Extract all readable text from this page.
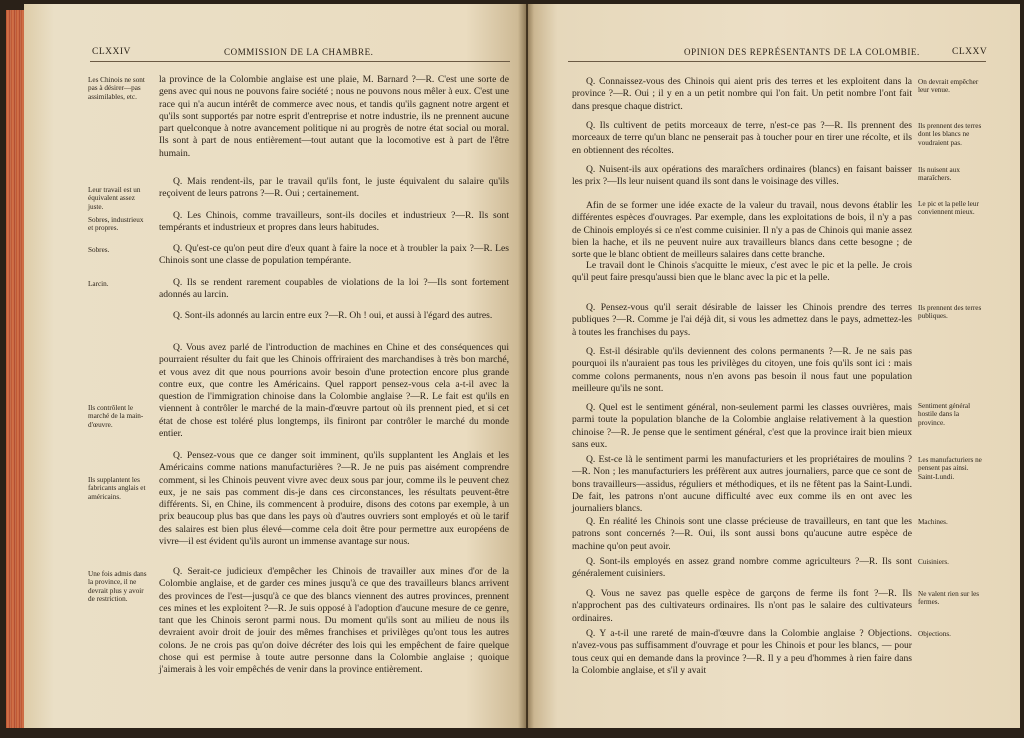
CLXXIV	COMMISSION DE LA CHAMBRE.
la province de la Colombie anglaise est une plaie, M. Barnard ?—R. C'est une sorte de gens avec qui nous ne pouvons faire société ; nous ne pouvons nous mêler à eux. C'est une race qui n'a aucun intérêt de commerce avec nous, et tandis qu'ils gagnent notre argent et qu'ils sont supportés par notre esprit d'entreprise et notre industrie, ils ne prennent aucune part quelconque à notre avancement politique ni au progrès de notre état social ou moral. Ils sont à part de nous entièrement—tout autant que la locomotive est à part de l'être humain.
Q. Mais rendent-ils, par le travail qu'ils font, le juste équivalent du salaire qu'ils reçoivent de leurs patrons ?—R. Oui ; certainement.
Q. Les Chinois, comme travailleurs, sont-ils dociles et industrieux ?—R. Ils sont tempérants et industrieux et propres dans leurs habitudes.
Q. Qu'est-ce qu'on peut dire d'eux quant à faire la noce et à troubler la paix ?—R. Les Chinois sont une classe de population tempérante.
Q. Ils se rendent rarement coupables de violations de la loi ?—Ils sont fortement adonnés au larcin.
Q. Sont-ils adonnés au larcin entre eux ?—R. Oh ! oui, et aussi à l'égard des autres.
Q. Vous avez parlé de l'introduction de machines en Chine et des conséquences qui pourraient résulter du fait que les Chinois offriraient des marchandises à très bon marché, et vous avez dit que nous pourrions avoir besoin d'une protection encore plus grande contre eux, que contre les Américains. Quel rapport pensez-vous cela a-t-il avec la question de l'immigration chinoise dans la Colombie anglaise ?—R. Le fait est qu'ils en viennent à contrôler le marché de la main-d'œuvre partout où ils prennent pied, et si cet état de chose est toléré plus longtemps, ils finiront par contrôler le marché du monde entier.
Q. Pensez-vous que ce danger soit imminent, qu'ils supplantent les Anglais et les Américains comme nations manufacturières ?—R. Je ne puis pas aisément comprendre comment, si les Chinois peuvent vivre avec deux sous par jour, comme ils le peuvent chez eux, je ne sais pas comment dis-je dans ces circonstances, les résultats peuvent-être différents. Si, en Chine, ils commencent à produire, disons des cotons par exemple, à un prix beaucoup plus bas que dans les pays où d'autres ouvriers sont employés et où le tarif des salaires est bien plus élevé—comme cela doit être pour permettre aux européens de vivre—il est évident qu'ils auront un immense avantage sur nous.
Q. Serait-ce judicieux d'empêcher les Chinois de travailler aux mines d'or de la Colombie anglaise, et de garder ces mines jusqu'à ce que des travailleurs blancs arrivent des provinces de l'est—jusqu'à ce que des blancs viennent des autres provinces, prennent ces mines et les exploitent ?—R. Je suis opposé à l'adoption d'aucune mesure de ce genre, tant que les Chinois seront parmi nous. Du moment qu'ils sont au milieu de nous ils devraient avoir droit de jouir des mêmes franchises et privilèges qu'ont tous les autres colons. Je ne crois pas qu'on doive décréter des lois qui les empêchent de faire quelque chose qui est permise à toute autre personne dans la Colombie anglaise ; quoique j'aimerais à les voir empêchés de venir dans la province entièrement.
Les Chinois ne sont pas à désirer—pas assimilables, etc.
Leur travail est un équivalent assez juste.
Sobres, industrieux et propres.
Sobres.
Larcin.
Ils contrôlent le marché de la main-d'œuvre.
Ils supplantent les fabricants anglais et américains.
Une fois admis dans la province, il ne devrait plus y avoir de restriction.
OPINION DES REPRÉSENTANTS DE LA COLOMBIE.	CLXXV
Q. Connaissez-vous des Chinois qui aient pris des terres et les exploitent dans la province ?—R. Oui ; il y en a un petit nombre qui l'on fait. Un petit nombre l'ont fait dans presque chaque district.
Q. Ils cultivent de petits morceaux de terre, n'est-ce pas ?—R. Ils prennent des morceaux de terre qu'un blanc ne penserait pas à toucher pour en tirer une récolte, et ils en obtiennent des récoltes.
Q. Nuisent-ils aux opérations des maraîchers ordinaires (blancs) en faisant baisser les prix ?—Ils leur nuisent quand ils sont dans le voisinage des villes.
Afin de se former une idée exacte de la valeur du travail, nous devons établir les différentes espèces d'ouvrages. Par exemple, dans les exploitations de bois, il n'y a pas de Chinois employés si ce n'est comme cuisinier. Il n'y a pas de Chinois qui manie assez bien la hache, et ils ne peuvent nuire aux travailleurs blancs dans cette besogne ; de sorte que le blanc obtient de meilleurs salaires dans cette branche.
Le travail dont le Chinois s'acquitte le mieux, c'est avec le pic et la pelle. Je crois qu'il peut faire presqu'aussi bien que le blanc avec la pic et la pelle.
Q. Pensez-vous qu'il serait désirable de laisser les Chinois prendre des terres publiques ?—R. Comme je l'ai déjà dit, si vous les admettez dans le pays, admettez-les à toutes les franchises du pays.
Q. Est-il désirable qu'ils deviennent des colons permanents ?—R. Je ne sais pas pourquoi ils n'auraient pas tous les privilèges du citoyen, une fois qu'ils sont ici : mais comme colons permanents, nous n'en avons pas besoin il nous faut une population meilleure qu'ils ne sont.
Q. Quel est le sentiment général, non-seulement parmi les classes ouvrières, mais parmi toute la population blanche de la Colombie anglaise relativement à la question chinoise ?—R. Je pense que le sentiment général, c'est que la province irait bien mieux sans eux.
Q. Est-ce là le sentiment parmi les manufacturiers et les propriétaires de moulins ?—R. Non ; les manufacturiers les préfèrent aux autres journaliers, parce que ce sont de bons travailleurs—assidus, réguliers et méthodiques, et ils ne fêtent pas la Saint-Lundi. De fait, les patrons n'ont aucune difficulté avec eux comme ils en ont avec les journaliers blancs.
Q. En réalité les Chinois sont une classe précieuse de travailleurs, en tant que les patrons sont concernés ?—R. Oui, ils sont aussi bons qu'aucune autre espèce de machine qu'on peut avoir.
Q. Sont-ils employés en assez grand nombre comme agriculteurs ?—R. Ils sont généralement cuisiniers.
Q. Vous ne savez pas quelle espèce de garçons de ferme ils font ?—R. Ils n'approchent pas des cultivateurs ordinaires. Ils n'ont pas le salaire des cultivateurs ordinaires.
Q. Y a-t-il une rareté de main-d'œuvre dans la Colombie anglaise ? Objections. n'avez-vous pas suffisamment d'ouvrage et pour les Chinois et pour les blancs, — pour tous ceux qui en demande dans la province ?—R. Il y a peu d'hommes à rien faire dans la Colombie anglaise, et s'il y avait
On devrait empêcher leur venue.
Ils prennent des terres dont les blancs ne voudraient pas.
Ils nuisent aux maraîchers.
Le pic et la pelle leur conviennent mieux.
Ils prennent des terres publiques.
Sentiment général hostile dans la province.
Les manufacturiers ne pensent pas ainsi. Saint-Lundi.
Machines.
Cuisiniers.
Ne valent rien sur les fermes.
Objections.
